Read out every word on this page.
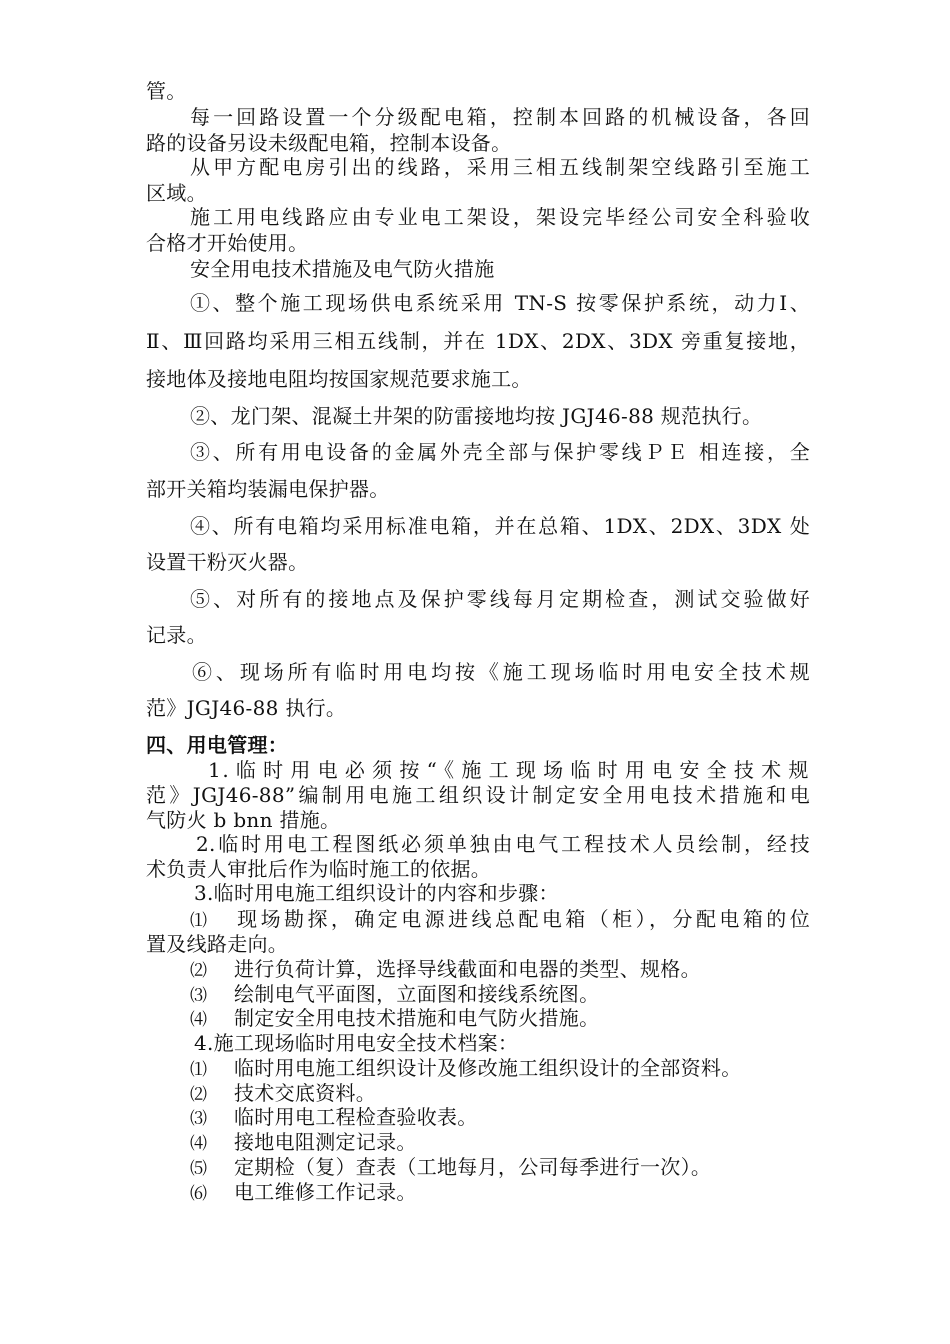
管。
每一回路设置一个分级配电箱，控制本回路的机械设备，各回
路的设备另设未级配电箱，控制本设备。
从甲方配电房引出的线路，采用三相五线制架空线路引至施工
区域。
施工用电线路应由专业电工架设，架设完毕经公司安全科验收
合格才开始使用。
安全用电技术措施及电气防火措施
①、整个施工现场供电系统采用 TN-S 按零保护系统，动力Ⅰ、
Ⅱ、Ⅲ回路均采用三相五线制，并在 1DX、2DX、3DX 旁重复接地，
接地体及接地电阻均按国家规范要求施工。
②、龙门架、混凝土井架的防雷接地均按 JGJ46-88 规范执行。
③、所有用电设备的金属外壳全部与保护零线ＰＥ 相连接，全
部开关箱均装漏电保护器。
④、所有电箱均采用标准电箱，并在总箱、1DX、2DX、3DX 处
设置干粉灭火器。
⑤、对所有的接地点及保护零线每月定期检查，测试交验做好
记录。
⑥、现场所有临时用电均按《施工现场临时用电安全技术规
范》JGJ46-88 执行。
四、用电管理：
1.临时用电必须按“《施工现场临时用电安全技术规
范》JGJ46-88”编制用电施工组织设计制定安全用电技术措施和电
气防火 b bnn 措施。
2.临时用电工程图纸必须单独由电气工程技术人员绘制，经技
术负责人审批后作为临时施工的依据。
3.临时用电施工组织设计的内容和步骤：
⑴ 现场勘探，确定电源进线总配电箱（柜），分配电箱的位
置及线路走向。
⑵ 进行负荷计算，选择导线截面和电器的类型、规格。
⑶ 绘制电气平面图，立面图和接线系统图。
⑷ 制定安全用电技术措施和电气防火措施。
4.施工现场临时用电安全技术档案：
⑴ 临时用电施工组织设计及修改施工组织设计的全部资料。
⑵ 技术交底资料。
⑶ 临时用电工程检查验收表。
⑷ 接地电阻测定记录。
⑸ 定期检（复）查表（工地每月，公司每季进行一次）。
⑹ 电工维修工作记录。
